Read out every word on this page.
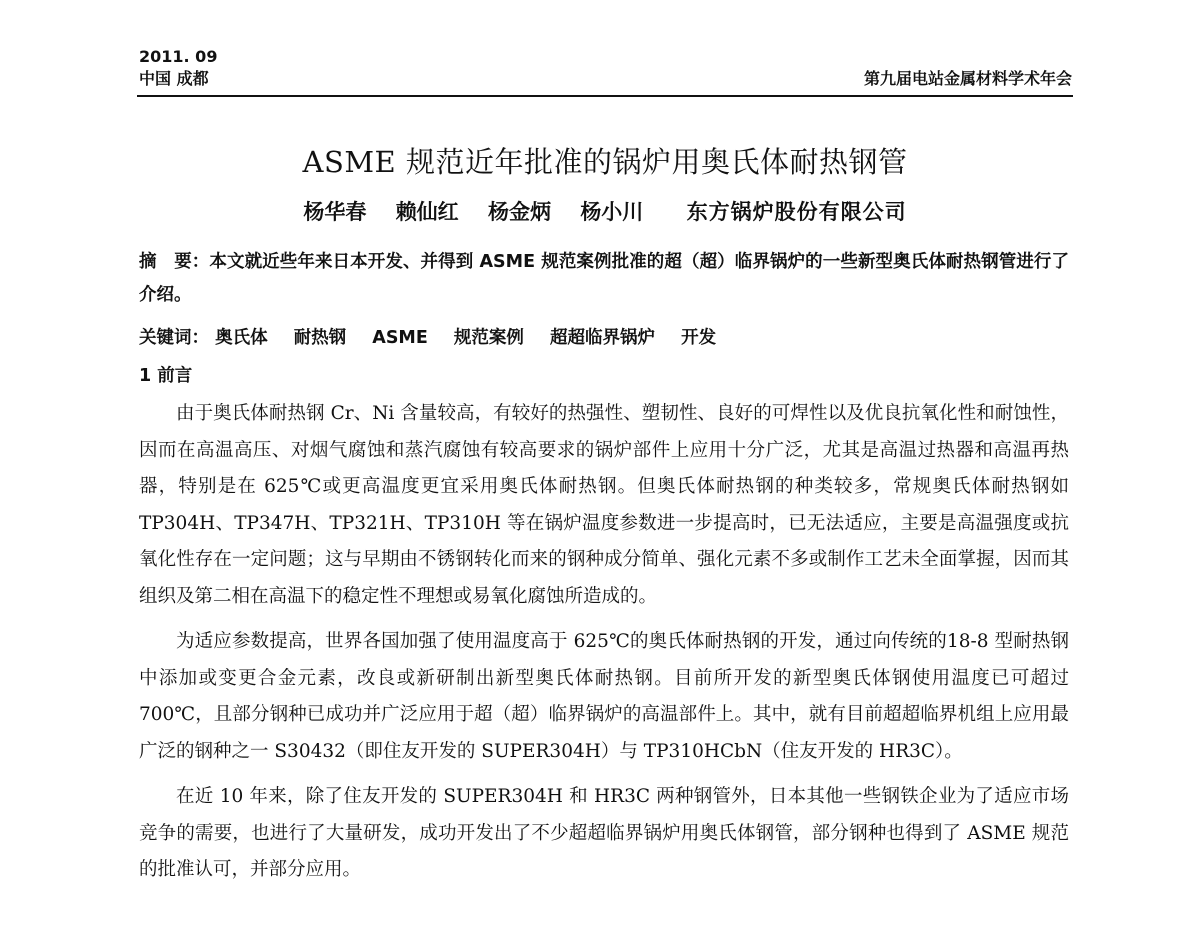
2011. 09
中国 成都	第九届电站金属材料学术年会
ASME 规范近年批准的锅炉用奥氏体耐热钢管
杨华春 赖仙红 杨金炳 杨小川 东方锅炉股份有限公司
摘　要：本文就近些年来日本开发、并得到 ASME 规范案例批准的超（超）临界锅炉的一些新型奥氏体耐热钢管进行了介绍。
关键词： 奥氏体 耐热钢 ASME 规范案例 超超临界锅炉 开发
1 前言

由于奥氏体耐热钢 Cr、Ni 含量较高，有较好的热强性、塑韧性、良好的可焊性以及优良抗氧化性和耐蚀性，因而在高温高压、对烟气腐蚀和蒸汽腐蚀有较高要求的锅炉部件上应用十分广泛，尤其是高温过热器和高温再热器，特别是在 625℃或更高温度更宜采用奥氏体耐热钢。但奥氏体耐热钢的种类较多，常规奥氏体耐热钢如 TP304H、TP347H、TP321H、TP310H 等在锅炉温度参数进一步提高时，已无法适应，主要是高温强度或抗氧化性存在一定问题；这与早期由不锈钢转化而来的钢种成分简单、强化元素不多或制作工艺未全面掌握，因而其组织及第二相在高温下的稳定性不理想或易氧化腐蚀所造成的。

为适应参数提高，世界各国加强了使用温度高于 625℃的奥氏体耐热钢的开发，通过向传统的18-8 型耐热钢中添加或变更合金元素，改良或新研制出新型奥氏体耐热钢。目前所开发的新型奥氏体钢使用温度已可超过 700℃，且部分钢种已成功并广泛应用于超（超）临界锅炉的高温部件上。其中，就有目前超超临界机组上应用最广泛的钢种之一 S30432（即住友开发的 SUPER304H）与 TP310HCbN（住友开发的 HR3C）。

在近 10 年来，除了住友开发的 SUPER304H 和 HR3C 两种钢管外，日本其他一些钢铁企业为了适应市场竞争的需要，也进行了大量研发，成功开发出了不少超超临界锅炉用奥氏体钢管，部分钢种也得到了 ASME 规范的批准认可，并部分应用。
